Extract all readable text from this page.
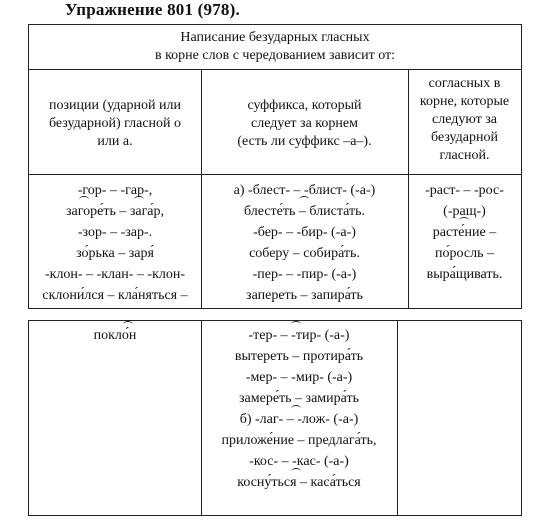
Упражнение 801 (978).
Написание безударных гласных
в корне слов с чередованием зависит от:
позиции (ударной или
безударной) гласной о
или а.
суффикса, который
следует за корнем
(есть ли суффикс –а–).
согласных в
корне, которые
следуют за
безударной
гласной.
-гор- – -гар-,
загоре́ть – зага́р,
-зор- – -зар-.
зо́рька – заря́
-клон- – -клан- – -клон-
склони́лся – кла́няться –
а) -блест- – -блист- (-а-)
блесте́ть – блиста́ть.
-бер- – -бир- (-а-)
соберу – собира́ть.
-пер- – -пир- (-а-)
запереть – запира́ть
-раст- – -рос-
(-ращ-)
расте́ние –
по́росль –
выра́щивать.
покло́н	-тер- – -тир- (-а-)
вытереть – протира́ть
-мер- – -мир- (-а-)
замере́ть – замира́ть
б) -лаг- – -лож- (-а-)
приложе́ние – предлага́ть,
-кос- – -кас- (-а-)
косну́ться – каса́ться
